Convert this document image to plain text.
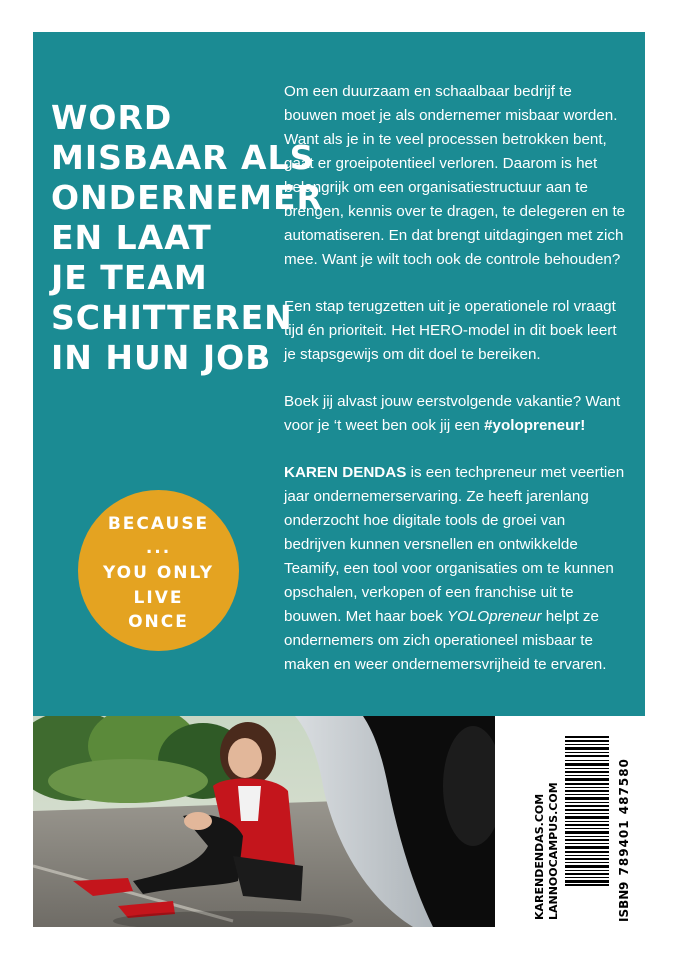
WORD
MISBAAR ALS
ONDERNEMER
EN LAAT
JE TEAM
SCHITTEREN
IN HUN JOB
BECAUSE
...
YOU ONLY
LIVE
ONCE

Om een duurzaam en schaalbaar bedrijf te bouwen moet je als ondernemer misbaar worden. Want als je in te veel processen betrokken bent, gaat er groeipotentieel verloren. Daarom is het belangrijk om een organisatiestructuur aan te brengen, kennis over te dragen, te delegeren en te automatiseren. En dat brengt uitdagingen met zich mee. Want je wilt toch ook de controle behouden?

Een stap terugzetten uit je operationele rol vraagt tijd én prioriteit. Het HERO-model in dit boek leert je stapsgewijs om dit doel te bereiken.

Boek jij alvast jouw eerstvolgende vakantie? Want voor je ‘t weet ben ook jij een #yolopreneur!

KAREN DENDAS is een techpreneur met veertien jaar ondernemerservaring. Ze heeft jarenlang onderzocht hoe digitale tools de groei van bedrijven kunnen versnellen en ontwikkelde Teamify, een tool voor organisaties om te kunnen opschalen, verkopen of een franchise uit te bouwen. Met haar boek YOLOpreneur helpt ze ondernemers om zich operationeel misbaar te maken en weer ondernemersvrijheid te ervaren.

KARENDENDAS.COM LANNOOCAMPUS.COM	ISBN
9 789401 487580
